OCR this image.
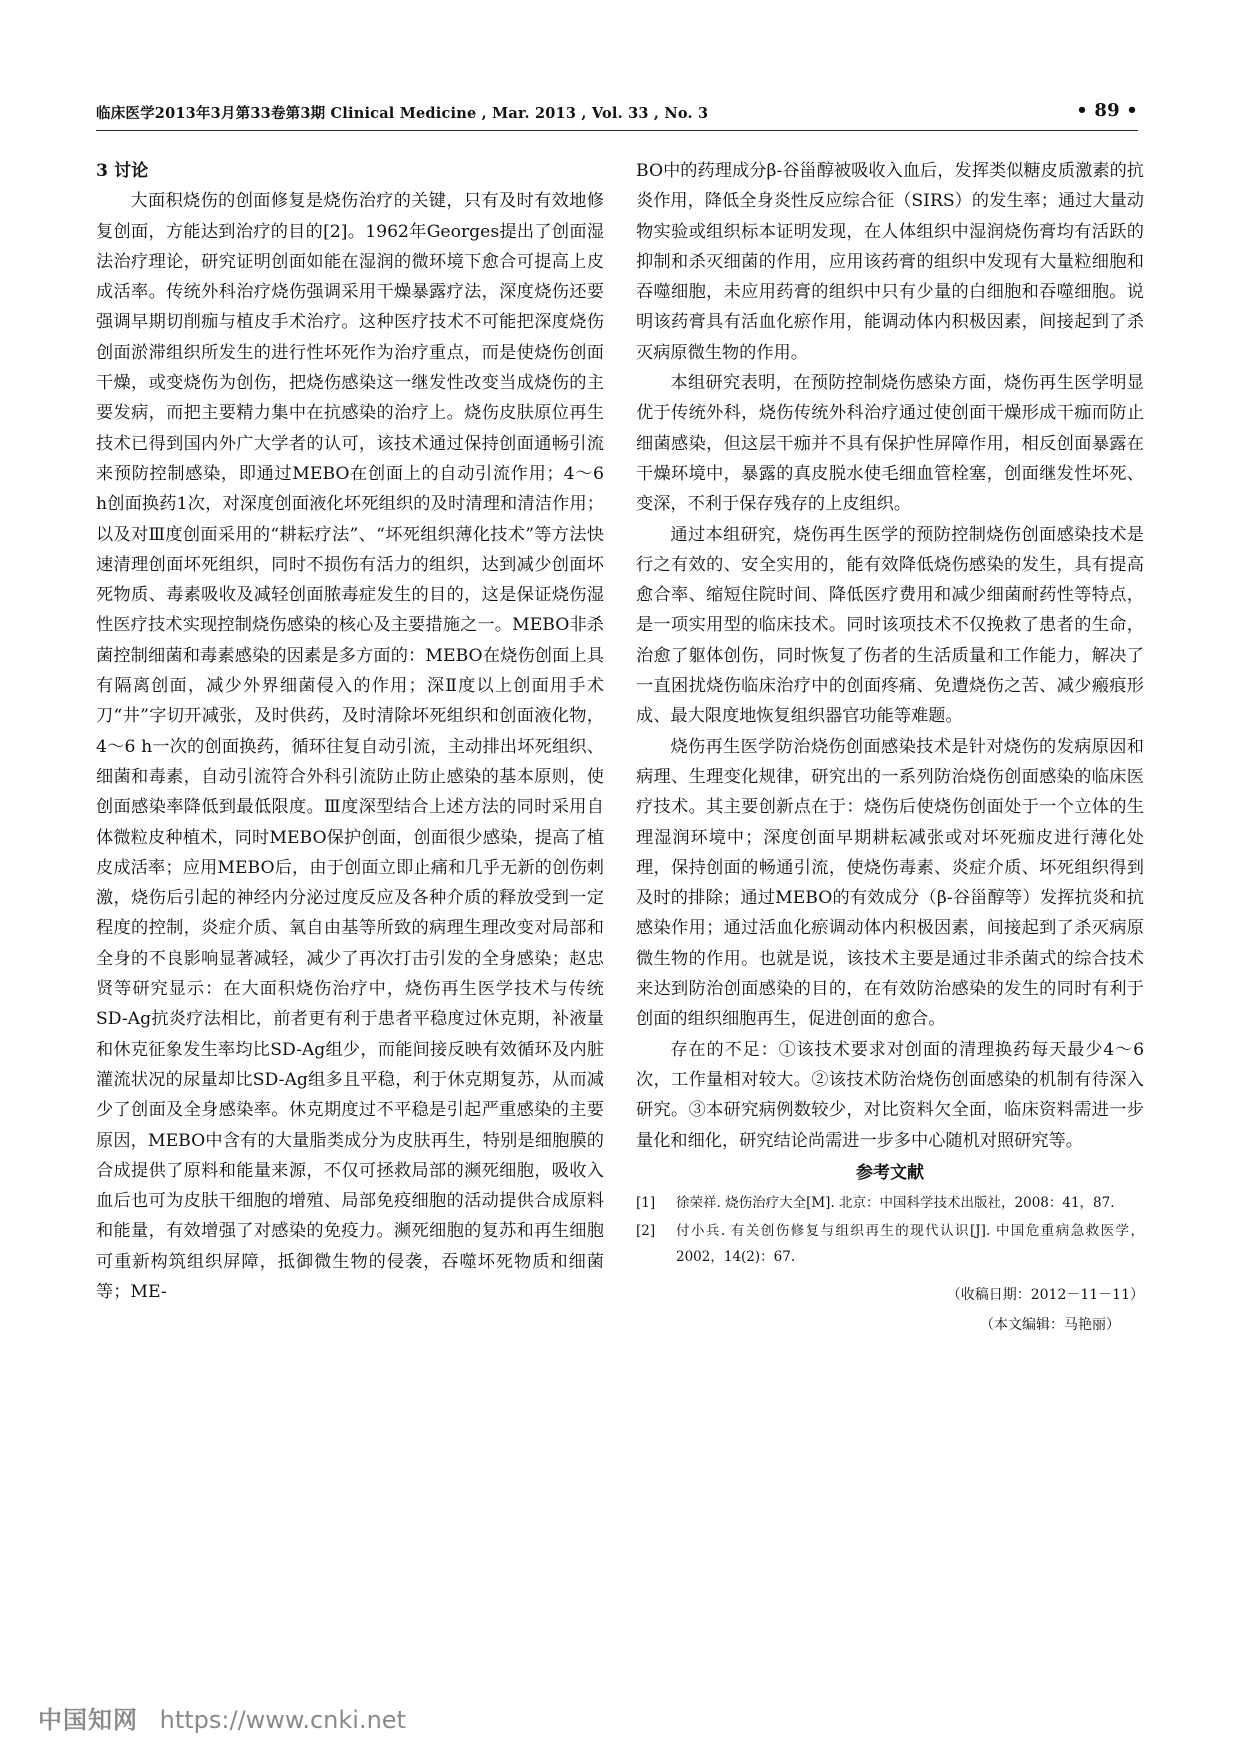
临床医学2013年3月第33卷第3期 Clinical Medicine , Mar. 2013 , Vol. 33 , No. 3	• 89 •

3 讨论

大面积烧伤的创面修复是烧伤治疗的关键，只有及时有效地修复创面，方能达到治疗的目的[2]。1962年Georges提出了创面湿法治疗理论，研究证明创面如能在湿润的微环境下愈合可提高上皮成活率。传统外科治疗烧伤强调采用干燥暴露疗法，深度烧伤还要强调早期切削痂与植皮手术治疗。这种医疗技术不可能把深度烧伤创面淤滞组织所发生的进行性坏死作为治疗重点，而是使烧伤创面干燥，或变烧伤为创伤，把烧伤感染这一继发性改变当成烧伤的主要发病，而把主要精力集中在抗感染的治疗上。烧伤皮肤原位再生技术已得到国内外广大学者的认可，该技术通过保持创面通畅引流来预防控制感染，即通过MEBO在创面上的自动引流作用；4～6 h创面换药1次，对深度创面液化坏死组织的及时清理和清洁作用；以及对Ⅲ度创面采用的“耕耘疗法”、“坏死组织薄化技术”等方法快速清理创面坏死组织，同时不损伤有活力的组织，达到减少创面坏死物质、毒素吸收及减轻创面脓毒症发生的目的，这是保证烧伤湿性医疗技术实现控制烧伤感染的核心及主要措施之一。MEBO非杀菌控制细菌和毒素感染的因素是多方面的：MEBO在烧伤创面上具有隔离创面，减少外界细菌侵入的作用；深Ⅱ度以上创面用手术刀“井”字切开减张，及时供药，及时清除坏死组织和创面液化物，4～6 h一次的创面换药，循环往复自动引流，主动排出坏死组织、细菌和毒素，自动引流符合外科引流防止防止感染的基本原则，使创面感染率降低到最低限度。Ⅲ度深型结合上述方法的同时采用自体微粒皮种植术，同时MEBO保护创面，创面很少感染，提高了植皮成活率；应用MEBO后，由于创面立即止痛和几乎无新的创伤刺激，烧伤后引起的神经内分泌过度反应及各种介质的释放受到一定程度的控制，炎症介质、氧自由基等所致的病理生理改变对局部和全身的不良影响显著减轻，减少了再次打击引发的全身感染；赵忠贤等研究显示：在大面积烧伤治疗中，烧伤再生医学技术与传统SD-Ag抗炎疗法相比，前者更有利于患者平稳度过休克期，补液量和休克征象发生率均比SD-Ag组少，而能间接反映有效循环及内脏灌流状况的尿量却比SD-Ag组多且平稳，利于休克期复苏，从而减少了创面及全身感染率。休克期度过不平稳是引起严重感染的主要原因，MEBO中含有的大量脂类成分为皮肤再生，特别是细胞膜的合成提供了原料和能量来源，不仅可拯救局部的濒死细胞，吸收入血后也可为皮肤干细胞的增殖、局部免疫细胞的活动提供合成原料和能量，有效增强了对感染的免疫力。濒死细胞的复苏和再生细胞可重新构筑组织屏障，抵御微生物的侵袭，吞噬坏死物质和细菌等；ME-

BO中的药理成分β-谷甾醇被吸收入血后，发挥类似糖皮质激素的抗炎作用，降低全身炎性反应综合征（SIRS）的发生率；通过大量动物实验或组织标本证明发现，在人体组织中湿润烧伤膏均有活跃的抑制和杀灭细菌的作用，应用该药膏的组织中发现有大量粒细胞和吞噬细胞，未应用药膏的组织中只有少量的白细胞和吞噬细胞。说明该药膏具有活血化瘀作用，能调动体内积极因素，间接起到了杀灭病原微生物的作用。

本组研究表明，在预防控制烧伤感染方面，烧伤再生医学明显优于传统外科，烧伤传统外科治疗通过使创面干燥形成干痂而防止细菌感染，但这层干痂并不具有保护性屏障作用，相反创面暴露在干燥环境中，暴露的真皮脱水使毛细血管栓塞，创面继发性坏死、变深，不利于保存残存的上皮组织。

通过本组研究，烧伤再生医学的预防控制烧伤创面感染技术是行之有效的、安全实用的，能有效降低烧伤感染的发生，具有提高愈合率、缩短住院时间、降低医疗费用和减少细菌耐药性等特点，是一项实用型的临床技术。同时该项技术不仅挽救了患者的生命，治愈了躯体创伤，同时恢复了伤者的生活质量和工作能力，解决了一直困扰烧伤临床治疗中的创面疼痛、免遭烧伤之苦、减少瘢痕形成、最大限度地恢复组织器官功能等难题。

烧伤再生医学防治烧伤创面感染技术是针对烧伤的发病原因和病理、生理变化规律，研究出的一系列防治烧伤创面感染的临床医疗技术。其主要创新点在于：烧伤后使烧伤创面处于一个立体的生理湿润环境中；深度创面早期耕耘减张或对坏死痂皮进行薄化处理，保持创面的畅通引流，使烧伤毒素、炎症介质、坏死组织得到及时的排除；通过MEBO的有效成分（β-谷甾醇等）发挥抗炎和抗感染作用；通过活血化瘀调动体内积极因素，间接起到了杀灭病原微生物的作用。也就是说，该技术主要是通过非杀菌式的综合技术来达到防治创面感染的目的，在有效防治感染的发生的同时有利于创面的组织细胞再生，促进创面的愈合。

存在的不足：①该技术要求对创面的清理换药每天最少4～6次，工作量相对较大。②该技术防治烧伤创面感染的机制有待深入研究。③本研究病例数较少，对比资料欠全面，临床资料需进一步量化和细化，研究结论尚需进一步多中心随机对照研究等。

参考文献

[1]	徐荣祥. 烧伤治疗大全[M]. 北京：中国科学技术出版社，2008：41，87.
[2]	付小兵. 有关创伤修复与组织再生的现代认识[J]. 中国危重病急救医学，2002，14(2)：67.
（收稿日期：2012－11－11）
（本文编辑：马艳丽）
中国知网 https://www.cnki.net
